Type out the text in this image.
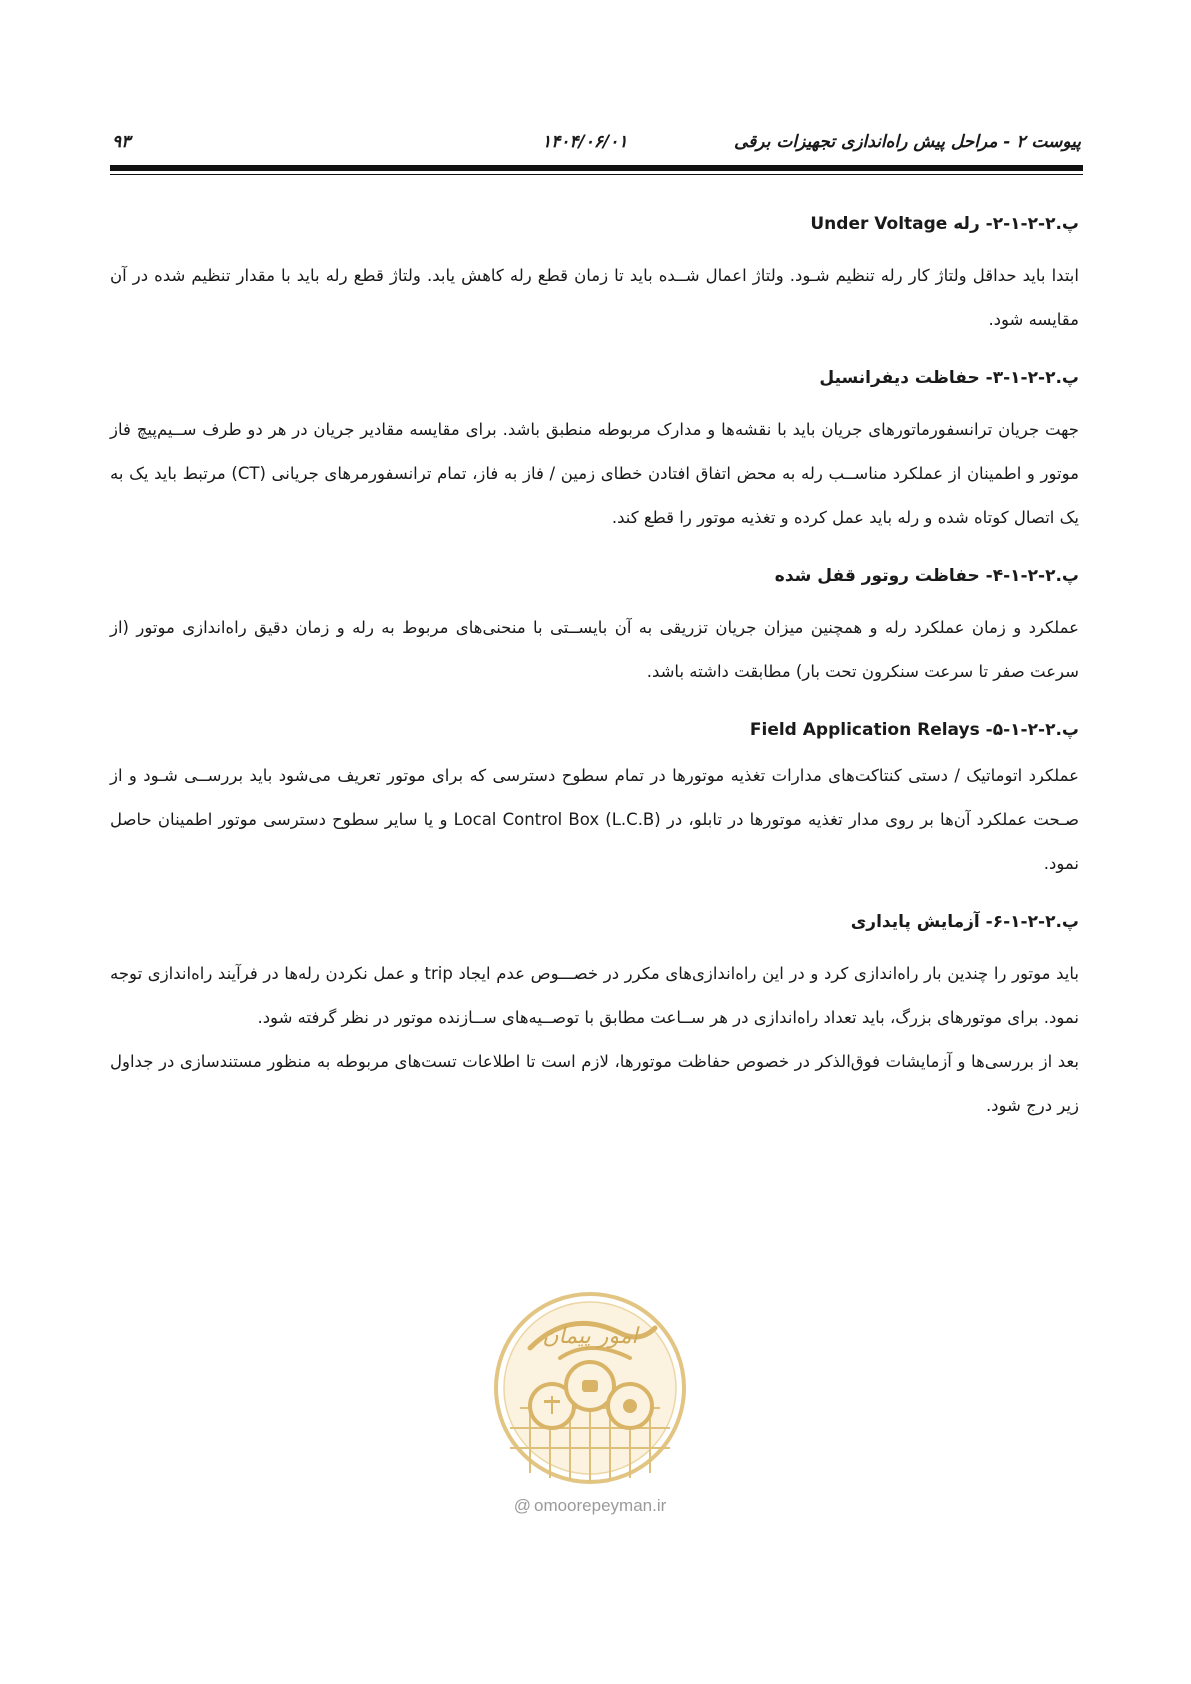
پیوست ۲ - مراحل پیش راه‌اندازی تجهیزات برقی
۱۴۰۴/۰۶/۰۱
۹۳
پ.۲-۲-۱-۲- رله Under Voltage

ابتدا باید حداقل ولتاژ کار رله تنظیم شـود. ولتاژ اعمال شــده باید تا زمان قطع رله کاهش یابد. ولتاژ قطع رله باید با مقدار تنظیم شده در آن مقایسه شود.

پ.۲-۲-۱-۳- حفاظت دیفرانسیل

جهت جریان ترانسفورماتورهای جریان باید با نقشه‌ها و مدارک مربوطه منطبق باشد. برای مقایسه مقادیر جریان در هر دو طرف ســیم‌پیچ فاز موتور و اطمینان از عملکرد مناســب رله به محض اتفاق افتادن خطای زمین / فاز به فاز، تمام ترانسفورمرهای جریانی (CT) مرتبط باید یک به یک اتصال کوتاه شده و رله باید عمل کرده و تغذیه موتور را قطع کند.

پ.۲-۲-۱-۴- حفاظت روتور قفل شده

عملکرد و زمان عملکرد رله و همچنین میزان جریان تزریقی به آن بایســتی با منحنی‌های مربوط به رله و زمان دقیق راه‌اندازی موتور (از سرعت صفر تا سرعت سنکرون تحت بار) مطابقت داشته باشد.

پ.۲-۲-۱-۵- Field Application Relays

عملکرد اتوماتیک / دستی کنتاکت‌های مدارات تغذیه موتورها در تمام سطوح دسترسی که برای موتور تعریف می‌شود باید بررســی شـود و از صـحت عملکرد آن‌ها بر روی مدار تغذیه موتورها در تابلو، در Local Control Box (L.C.B) و یا سایر سطوح دسترسی موتور اطمینان حاصل نمود.

پ.۲-۲-۱-۶- آزمایش پایداری

باید موتور را چندین بار راه‌اندازی کرد و در این راه‌اندازی‌های مکرر در خصـــوص عدم ایجاد trip و عمل نکردن رله‌ها در فرآیند راه‌اندازی توجه نمود. برای موتورهای بزرگ، باید تعداد راه‌اندازی در هر ســاعت مطابق با توصــیه‌های ســازنده موتور در نظر گرفته شود.

بعد از بررسی‌ها و آزمایشات فوق‌الذکر در خصوص حفاظت موتورها، لازم است تا اطلاعات تست‌های مربوطه به منظور مستندسازی در جداول زیر درج شود.

امور پیمان
@ omoorepeyman.ir
